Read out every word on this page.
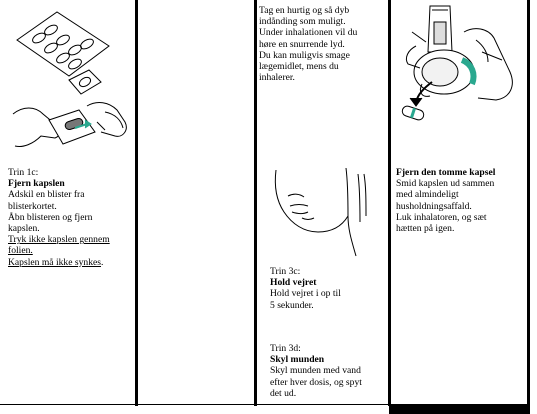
Trin 1c:
Fjern kapslen
Adskil en blister fra
blisterkortet.
Åbn blisteren og fjern
kapslen.
Tryk ikke kapslen gennem
folien.
Kapslen må ikke synkes.
Tag en hurtig og så dyb
indånding som muligt.
Under inhalationen vil du
høre en snurrende lyd.
Du kan muligvis smage
lægemidlet, mens du
inhalerer.
Trin 3c:
Hold vejret
Hold vejret i op til
5 sekunder.
Trin 3d:
Skyl munden
Skyl munden med vand
efter hver dosis, og spyt
det ud.
Fjern den tomme kapsel
Smid kapslen ud sammen
med almindeligt
husholdningsaffald.
Luk inhalatoren, og sæt
hætten på igen.
